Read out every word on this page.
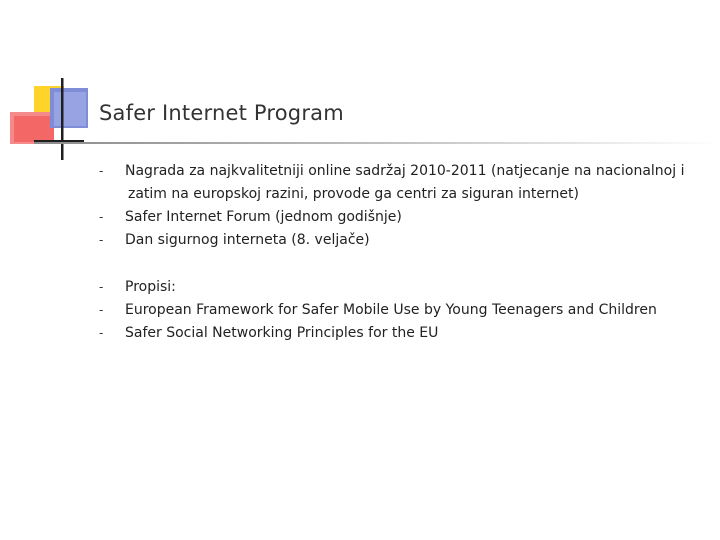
Safer Internet Program
- Nagrada za najkvalitetniji online sadržaj 2010-2011 (natjecanje na nacionalnoj i
zatim na europskoj razini, provode ga centri za siguran internet)
- Safer Internet Forum (jednom godišnje)
- Dan sigurnog interneta (8. veljače)
- Propisi:
- European Framework for Safer Mobile Use by Young Teenagers and Children
- Safer Social Networking Principles for the EU
